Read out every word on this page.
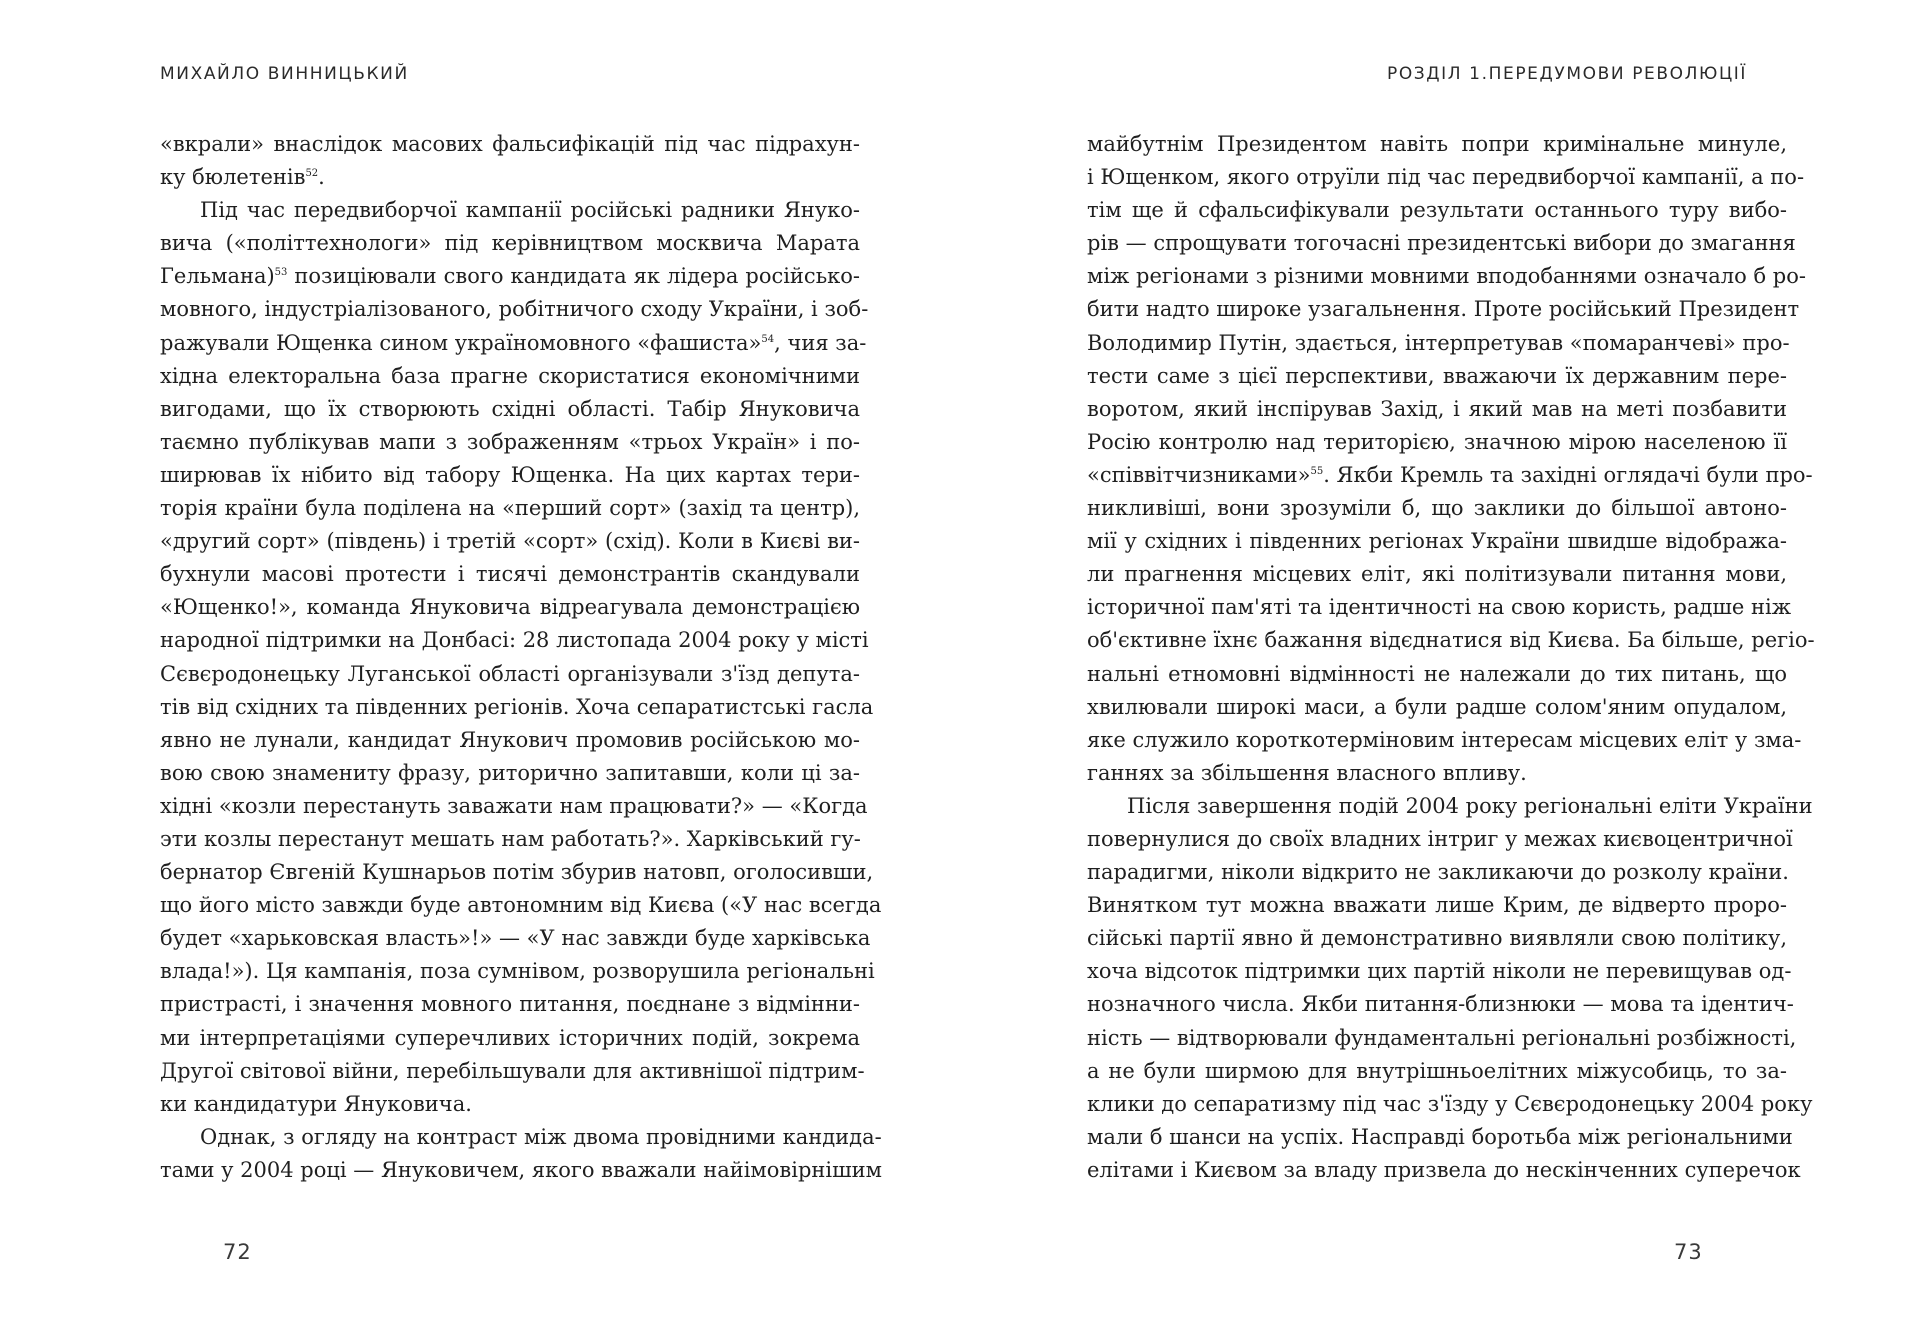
МИХАЙЛО ВИННИЦЬКИЙ
«вкрали» внаслідок масових фальсифікацій під час підрахун-
ку бюлетенів$^{52}$.
Під час передвиборчої кампанії російські радники Януко-
вича («політтехнологи» під керівництвом москвича Марата
Гельмана)$^{53}$ позиціювали свого кандидата як лідера російсько-
мовного, індустріалізованого, робітничого сходу України, і зоб-
ражували Ющенка сином україномовного «фашиста»$^{54}$, чия за-
хідна електоральна база прагне скористатися економічними
вигодами, що їх створюють східні області. Табір Януковича
таємно публікував мапи з зображенням «трьох Україн» і по-
ширював їх нібито від табору Ющенка. На цих картах тери-
торія країни була поділена на «перший сорт» (захід та центр),
«другий сорт» (південь) і третій «сорт» (схід). Коли в Києві ви-
бухнули масові протести і тисячі демонстрантів скандували
«Ющенко!», команда Януковича відреагувала демонстрацією
народної підтримки на Донбасі: 28 листопада 2004 року у місті
Сєвєродонецьку Луганської області організували з'їзд депута-
тів від східних та південних регіонів. Хоча сепаратистські гасла
явно не лунали, кандидат Янукович промовив російською мо-
вою свою знамениту фразу, риторично запитавши, коли ці за-
хідні «козли перестануть заважати нам працювати?» — «Когда
эти козлы перестанут мешать нам работать?». Харківський гу-
бернатор Євгеній Кушнарьов потім збурив натовп, оголосивши,
що його місто завжди буде автономним від Києва («У нас всегда
будет «харьковская власть»!» — «У нас завжди буде харківська
влада!»). Ця кампанія, поза сумнівом, розворушила регіональні
пристрасті, і значення мовного питання, поєднане з відмінни-
ми інтерпретаціями суперечливих історичних подій, зокрема
Другої світової війни, перебільшували для активнішої підтрим-
ки кандидатури Януковича.
Однак, з огляду на контраст між двома провідними кандида-
тами у 2004 році — Януковичем, якого вважали найімовірнішим
72
РОЗДІЛ 1.ПЕРЕДУМОВИ РЕВОЛЮЦІЇ
майбутнім Президентом навіть попри кримінальне минуле,
і Ющенком, якого отруїли під час передвиборчої кампанії, а по-
тім ще й сфальсифікували результати останнього туру вибо-
рів — спрощувати тогочасні президентські вибори до змагання
між регіонами з різними мовними вподобаннями означало б ро-
бити надто широке узагальнення. Проте російський Президент
Володимир Путін, здається, інтерпретував «помаранчеві» про-
тести саме з цієї перспективи, вважаючи їх державним пере-
воротом, який інспірував Захід, і який мав на меті позбавити
Росію контролю над територією, значною мірою населеною її
«співвітчизниками»$^{55}$. Якби Кремль та західні оглядачі були про-
никливіші, вони зрозуміли б, що заклики до більшої автоно-
мії у східних і південних регіонах України швидше відобража-
ли прагнення місцевих еліт, які політизували питання мови,
історичної пам'яті та ідентичності на свою користь, радше ніж
об'єктивне їхнє бажання відєднатися від Києва. Ба більше, регіо-
нальні етномовні відмінності не належали до тих питань, що
хвилювали широкі маси, а були радше солом'яним опудалом,
яке служило короткотерміновим інтересам місцевих еліт у зма-
ганнях за збільшення власного впливу.
Після завершення подій 2004 року регіональні еліти України
повернулися до своїх владних інтриг у межах києвоцентричної
парадигми, ніколи відкрито не закликаючи до розколу країни.
Винятком тут можна вважати лише Крим, де відверто проро-
сійські партії явно й демонстративно виявляли свою політику,
хоча відсоток підтримки цих партій ніколи не перевищував од-
нозначного числа. Якби питання-близнюки — мова та ідентич-
ність — відтворювали фундаментальні регіональні розбіжності,
а не були ширмою для внутрішньоелітних міжусобиць, то за-
клики до сепаратизму під час з'їзду у Сєвєродонецьку 2004 року
мали б шанси на успіх. Насправді боротьба між регіональними
елітами і Києвом за владу призвела до нескінченних суперечок
73
